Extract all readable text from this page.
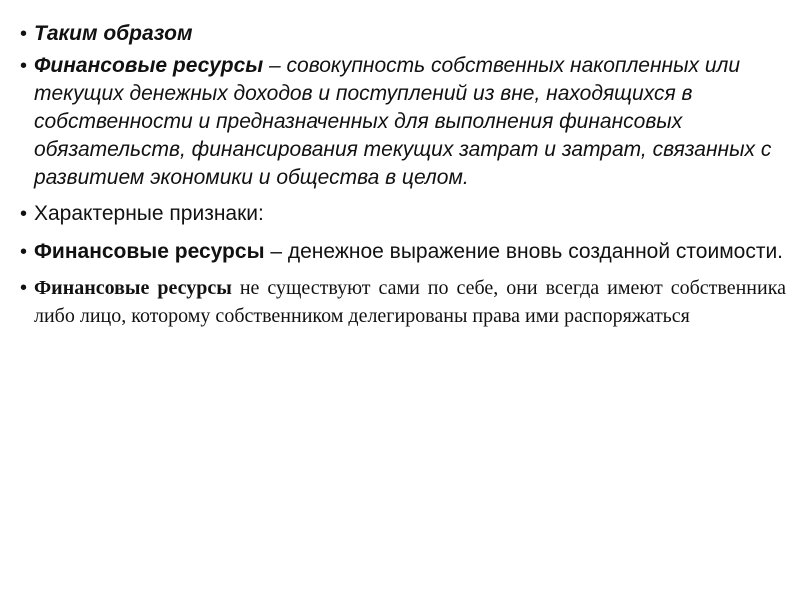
• Таким образом
• Финансовые ресурсы – совокупность собственных накопленных или текущих денежных доходов и поступлений из вне, находящихся в собственности и предназначенных для выполнения финансовых обязательств, финансирования текущих затрат и затрат, связанных с развитием экономики и общества в целом.
• Характерные признаки:
• Финансовые ресурсы – денежное выражение вновь созданной стоимости.
• Финансовые ресурсы не существуют сами по себе, они всегда имеют собственника либо лицо, которому собственником делегированы права ими распоряжаться
